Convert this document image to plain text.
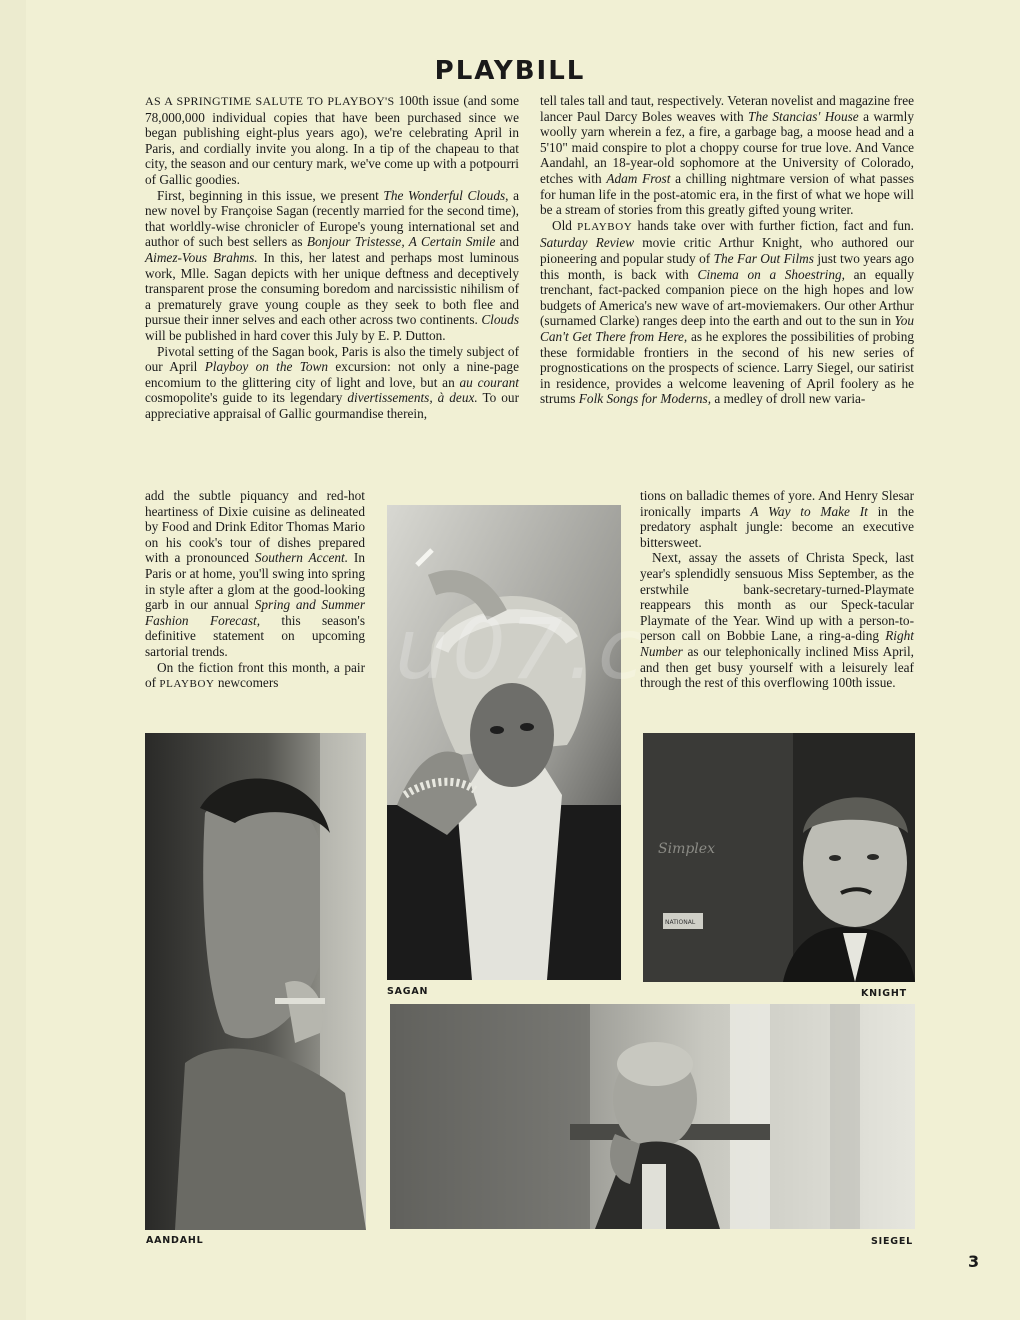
PLAYBILL

AS A SPRINGTIME SALUTE TO PLAYBOY'S 100th issue (and some 78,000,000 individual copies that have been purchased since we began publishing eight-plus years ago), we're celebrating April in Paris, and cordially invite you along. In a tip of the chapeau to that city, the season and our century mark, we've come up with a potpourri of Gallic goodies.

First, beginning in this issue, we present The Wonderful Clouds, a new novel by Françoise Sagan (recently married for the second time), that worldly-wise chronicler of Europe's young international set and author of such best sellers as Bonjour Tristesse, A Certain Smile and Aimez-Vous Brahms. In this, her latest and perhaps most luminous work, Mlle. Sagan depicts with her unique deftness and deceptively transparent prose the consuming boredom and narcissistic nihilism of a prematurely grave young couple as they seek to both flee and pursue their inner selves and each other across two continents. Clouds will be published in hard cover this July by E. P. Dutton.

Pivotal setting of the Sagan book, Paris is also the timely subject of our April Playboy on the Town excursion: not only a nine-page encomium to the glittering city of light and love, but an au courant cosmopolite's guide to its legendary divertissements, à deux. To our appreciative appraisal of Gallic gourmandise therein,

add the subtle piquancy and red-hot heartiness of Dixie cuisine as delineated by Food and Drink Editor Thomas Mario on his cook's tour of dishes prepared with a pronounced Southern Accent. In Paris or at home, you'll swing into spring in style after a glom at the good-looking garb in our annual Spring and Summer Fashion Forecast, this season's definitive statement on upcoming sartorial trends.

On the fiction front this month, a pair of PLAYBOY newcomers

tell tales tall and taut, respectively. Veteran novelist and magazine free lancer Paul Darcy Boles weaves with The Stancias' House a warmly woolly yarn wherein a fez, a fire, a garbage bag, a moose head and a 5'10" maid conspire to plot a choppy course for true love. And Vance Aandahl, an 18-year-old sophomore at the University of Colorado, etches with Adam Frost a chilling nightmare version of what passes for human life in the post-atomic era, in the first of what we hope will be a stream of stories from this greatly gifted young writer.

Old PLAYBOY hands take over with further fiction, fact and fun. Saturday Review movie critic Arthur Knight, who authored our pioneering and popular study of The Far Out Films just two years ago this month, is back with Cinema on a Shoestring, an equally trenchant, fact-packed companion piece on the high hopes and low budgets of America's new wave of art-moviemakers. Our other Arthur (surnamed Clarke) ranges deep into the earth and out to the sun in You Can't Get There from Here, as he explores the possibilities of probing these formidable frontiers in the second of his new series of prognostications on the prospects of science. Larry Siegel, our satirist in residence, provides a welcome leavening of April foolery as he strums Folk Songs for Moderns, a medley of droll new varia-

tions on balladic themes of yore. And Henry Slesar ironically imparts A Way to Make It in the predatory asphalt jungle: become an executive bittersweet.

Next, assay the assets of Christa Speck, last year's splendidly sensuous Miss September, as the erstwhile bank-secretary-turned-Playmate reappears this month as our Speck-tacular Playmate of the Year. Wind up with a person-to-person call on Bobbie Lane, a ring-a-ding Right Number as our telephonically inclined Miss April, and then get busy yourself with a leisurely leaf through the rest of this overflowing 100th issue.

SAGAN

AANDAHL

Simplex
NATIONAL

KNIGHT

SIEGEL

u07.c
3
